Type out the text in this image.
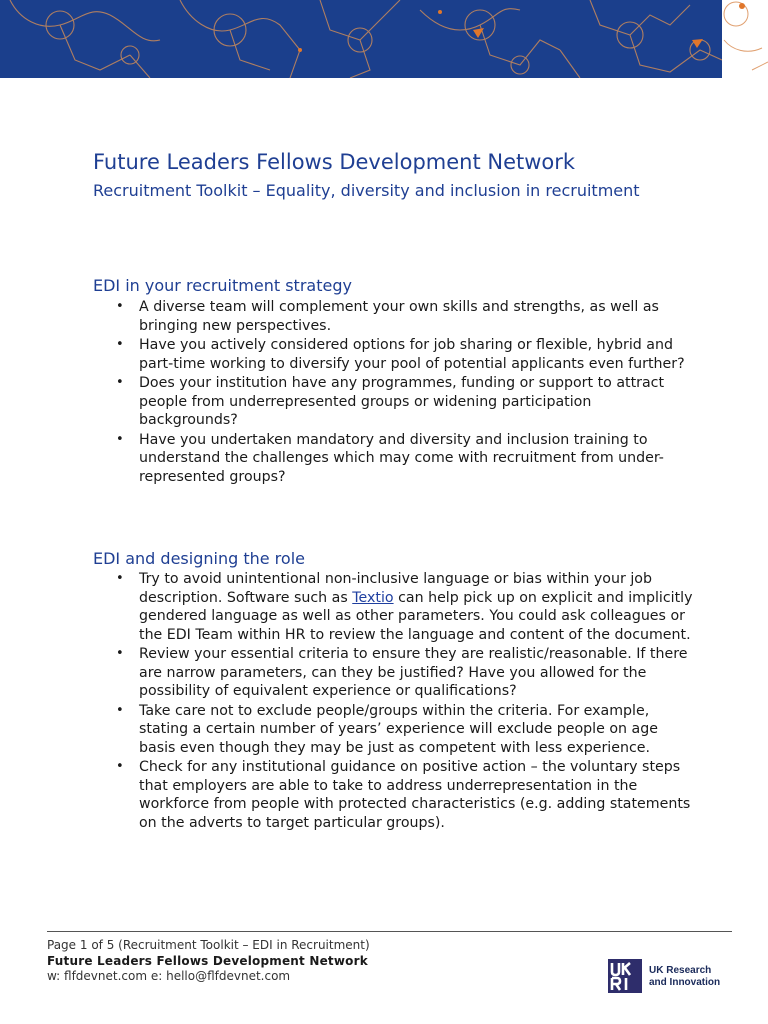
Future Leaders Fellows Development Network
Recruitment Toolkit – Equality, diversity and inclusion in recruitment
EDI in your recruitment strategy
• A diverse team will complement your own skills and strengths, as well as bringing new perspectives.
• Have you actively considered options for job sharing or flexible, hybrid and part-time working to diversify your pool of potential applicants even further?
• Does your institution have any programmes, funding or support to attract people from underrepresented groups or widening participation backgrounds?
• Have you undertaken mandatory and diversity and inclusion training to understand the challenges which may come with recruitment from under-represented groups?
EDI and designing the role
• Try to avoid unintentional non-inclusive language or bias within your job description. Software such as Textio can help pick up on explicit and implicitly gendered language as well as other parameters. You could ask colleagues or the EDI Team within HR to review the language and content of the document.
• Review your essential criteria to ensure they are realistic/reasonable. If there are narrow parameters, can they be justified? Have you allowed for the possibility of equivalent experience or qualifications?
• Take care not to exclude people/groups within the criteria. For example, stating a certain number of years’ experience will exclude people on age basis even though they may be just as competent with less experience.
• Check for any institutional guidance on positive action – the voluntary steps that employers are able to take to address underrepresentation in the workforce from people with protected characteristics (e.g. adding statements on the adverts to target particular groups).

Page 1 of 5 (Recruitment Toolkit – EDI in Recruitment)

Future Leaders Fellows Development Network

w: flfdevnet.com e: hello@flfdevnet.com	UK Research
and Innovation
